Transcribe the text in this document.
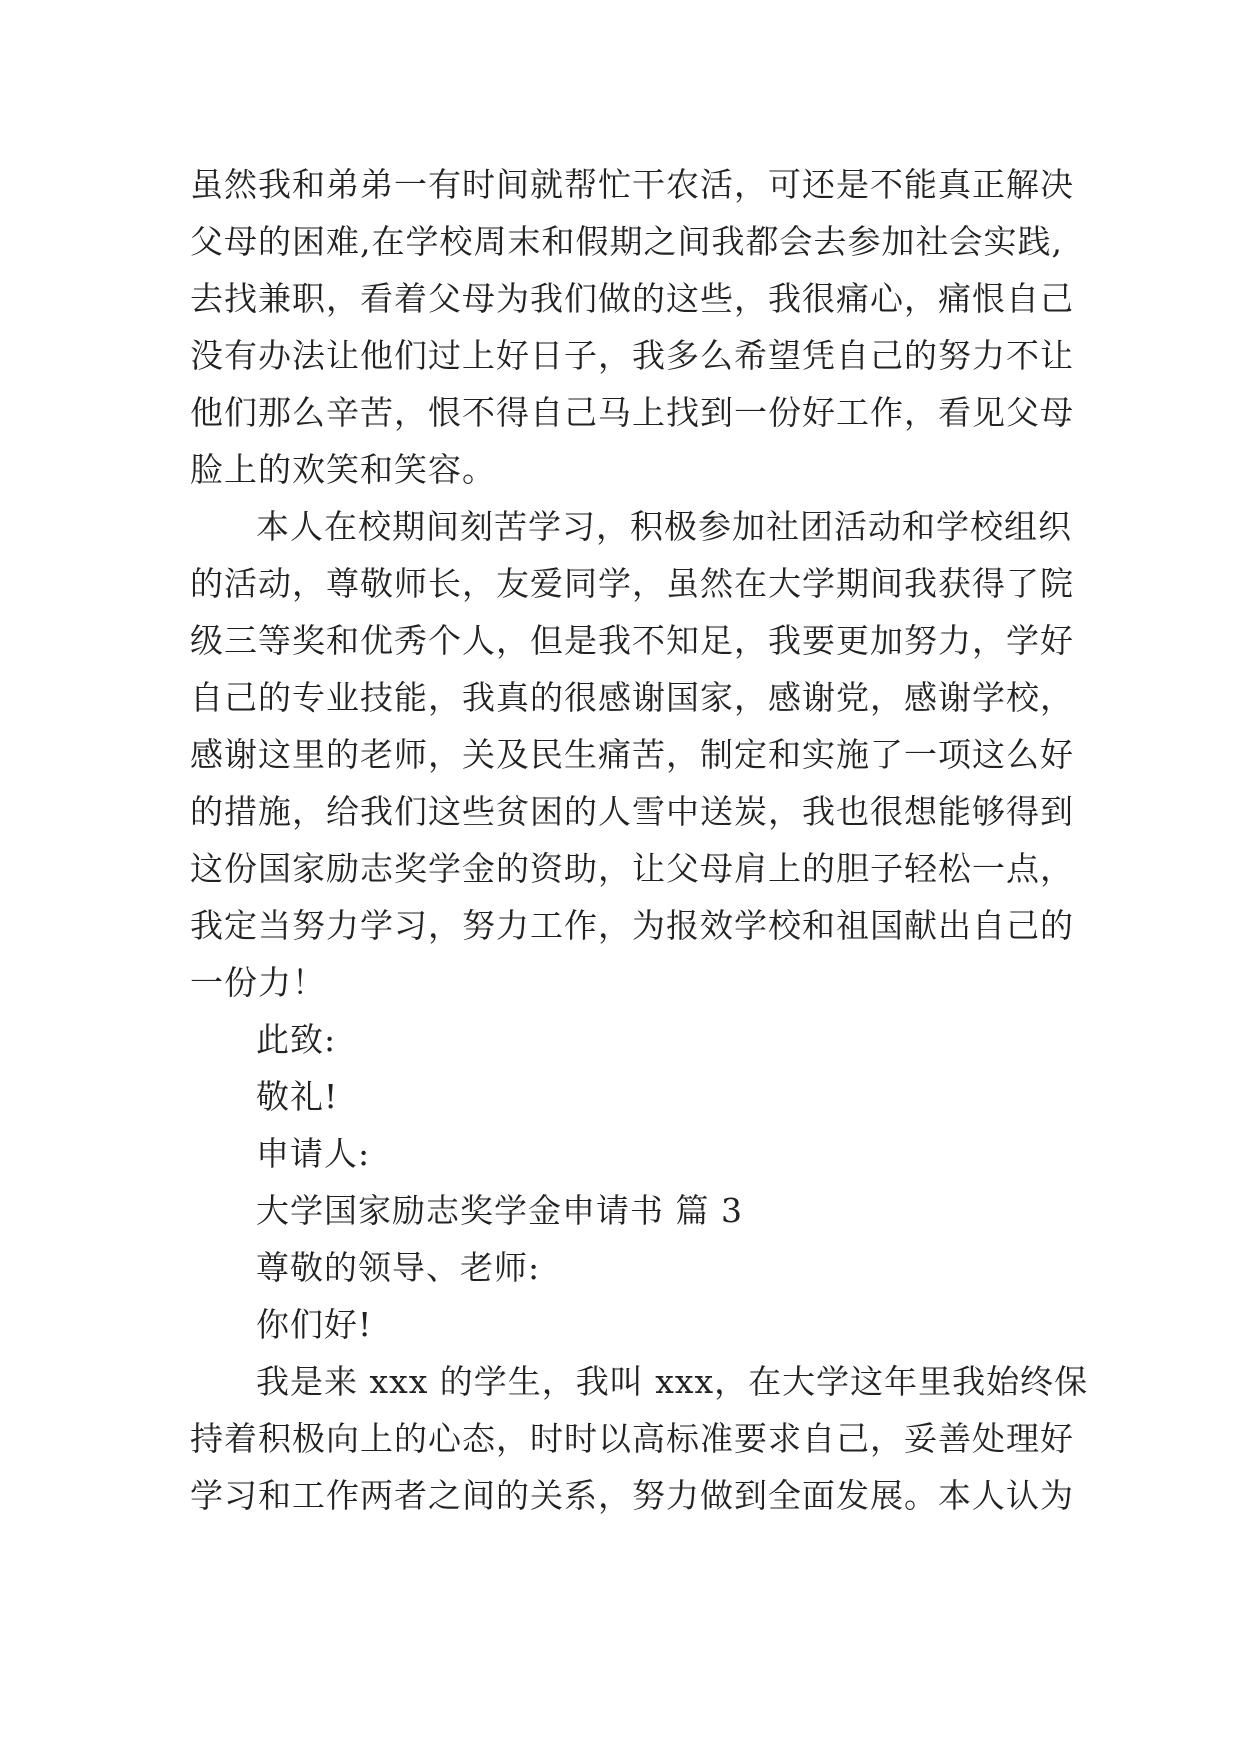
虽然我和弟弟一有时间就帮忙干农活，可还是不能真正解决
父母的困难,在学校周末和假期之间我都会去参加社会实践,
去找兼职，看着父母为我们做的这些，我很痛心，痛恨自己
没有办法让他们过上好日子，我多么希望凭自己的努力不让
他们那么辛苦，恨不得自己马上找到一份好工作，看见父母
脸上的欢笑和笑容。
本人在校期间刻苦学习，积极参加社团活动和学校组织
的活动，尊敬师长，友爱同学，虽然在大学期间我获得了院
级三等奖和优秀个人，但是我不知足，我要更加努力，学好
自己的专业技能，我真的很感谢国家，感谢党，感谢学校，
感谢这里的老师，关及民生痛苦，制定和实施了一项这么好
的措施，给我们这些贫困的人雪中送炭，我也很想能够得到
这份国家励志奖学金的资助，让父母肩上的胆子轻松一点，
我定当努力学习，努力工作，为报效学校和祖国献出自己的
一份力！
此致:
敬礼!
申请人:
大学国家励志奖学金申请书 篇 3
尊敬的领导、老师:
你们好!
我是来 xxx 的学生，我叫 xxx，在大学这年里我始终保
持着积极向上的心态，时时以高标准要求自己，妥善处理好
学习和工作两者之间的关系，努力做到全面发展。本人认为
